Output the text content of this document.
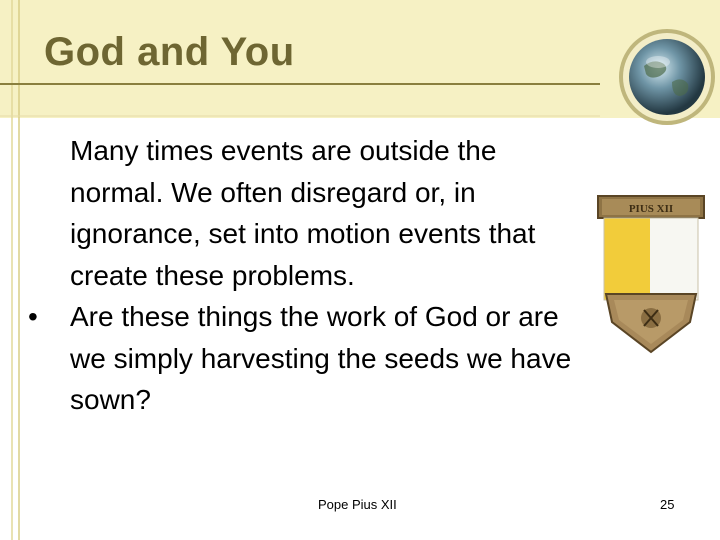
God and You
Many times events are outside the normal. We often disregard or, in ignorance, set into motion events that create these problems.
•	Are these things the work of God or are we simply harvesting the seeds we have sown?
PIUS XII
Pope Pius XII	25
